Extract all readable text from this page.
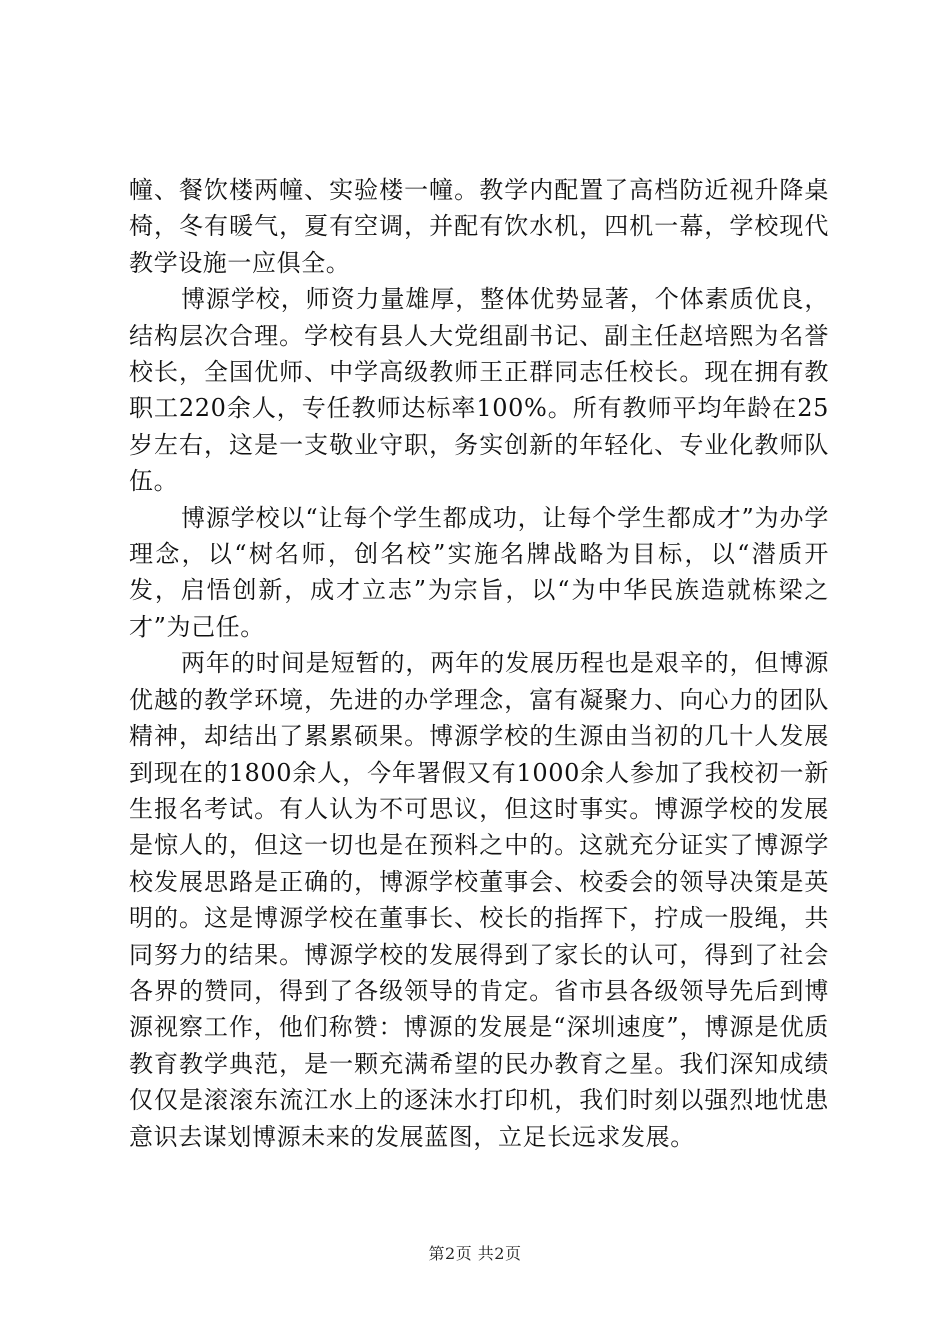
幢、餐饮楼两幢、实验楼一幢。教学内配置了高档防近视升降桌椅，冬有暖气，夏有空调，并配有饮水机，四机一幕，学校现代教学设施一应俱全。

博源学校，师资力量雄厚，整体优势显著，个体素质优良，结构层次合理。学校有县人大党组副书记、副主任赵培熙为名誉校长，全国优师、中学高级教师王正群同志任校长。现在拥有教职工220余人，专任教师达标率100%。所有教师平均年龄在25岁左右，这是一支敬业守职，务实创新的年轻化、专业化教师队伍。

博源学校以“让每个学生都成功，让每个学生都成才”为办学理念，以“树名师，创名校”实施名牌战略为目标，以“潜质开发，启悟创新，成才立志”为宗旨，以“为中华民族造就栋梁之才”为己任。

两年的时间是短暂的，两年的发展历程也是艰辛的，但博源优越的教学环境，先进的办学理念，富有凝聚力、向心力的团队精神，却结出了累累硕果。博源学校的生源由当初的几十人发展到现在的1800余人，今年署假又有1000余人参加了我校初一新生报名考试。有人认为不可思议，但这时事实。博源学校的发展是惊人的，但这一切也是在预料之中的。这就充分证实了博源学校发展思路是正确的，博源学校董事会、校委会的领导决策是英明的。这是博源学校在董事长、校长的指挥下，拧成一股绳，共同努力的结果。博源学校的发展得到了家长的认可，得到了社会各界的赞同，得到了各级领导的肯定。省市县各级领导先后到博源视察工作，他们称赞：博源的发展是“深圳速度”，博源是优质教育教学典范，是一颗充满希望的民办教育之星。我们深知成绩仅仅是滚滚东流江水上的逐沫水打印机，我们时刻以强烈地忧患意识去谋划博源未来的发展蓝图，立足长远求发展。

第2页 共2页
